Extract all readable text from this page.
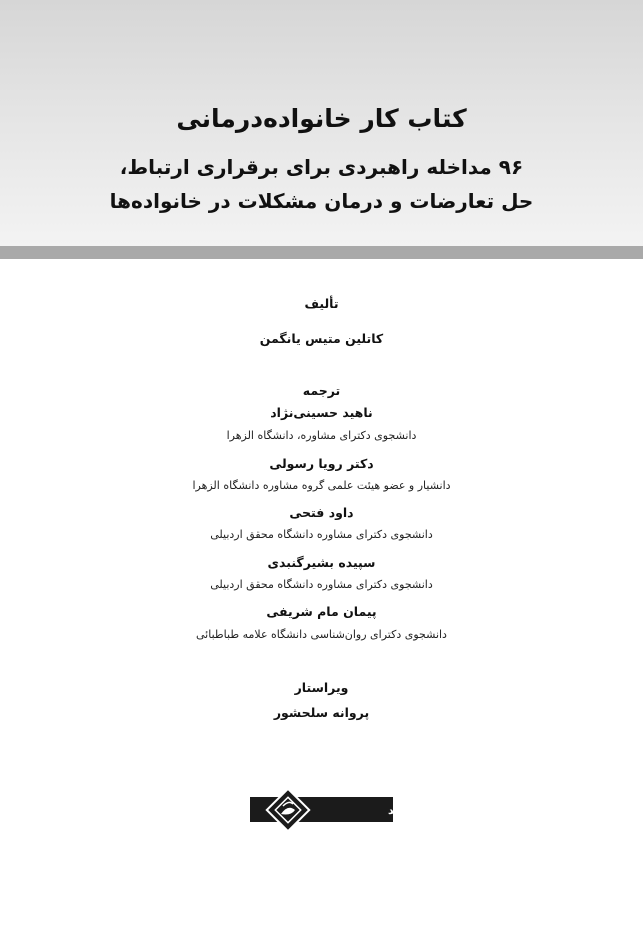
کتاب کار خانواده‌درمانی
۹۶ مداخله راهبردی برای برقراری ارتباط،
حل تعارضات و درمان مشکلات در خانواده‌ها
تألیف
کاتلین متیس یانگمن
ترجمه
ناهید حسینی‌نژاد
دانشجوی دکترای مشاوره، دانشگاه الزهرا
دکتر رویا رسولی
دانشیار و عضو هیئت علمی گروه مشاوره دانشگاه الزهرا
داود فتحی
دانشجوی دکترای مشاوره دانشگاه محقق اردبیلی
سپیده بشیرگنبدی
دانشجوی دکترای مشاوره دانشگاه محقق اردبیلی
پیمان مام شریفی
دانشجوی دکترای روان‌شناسی دانشگاه علامه طباطبائی
ویراستار
پروانه سلحشور
کتاب ارجمند
